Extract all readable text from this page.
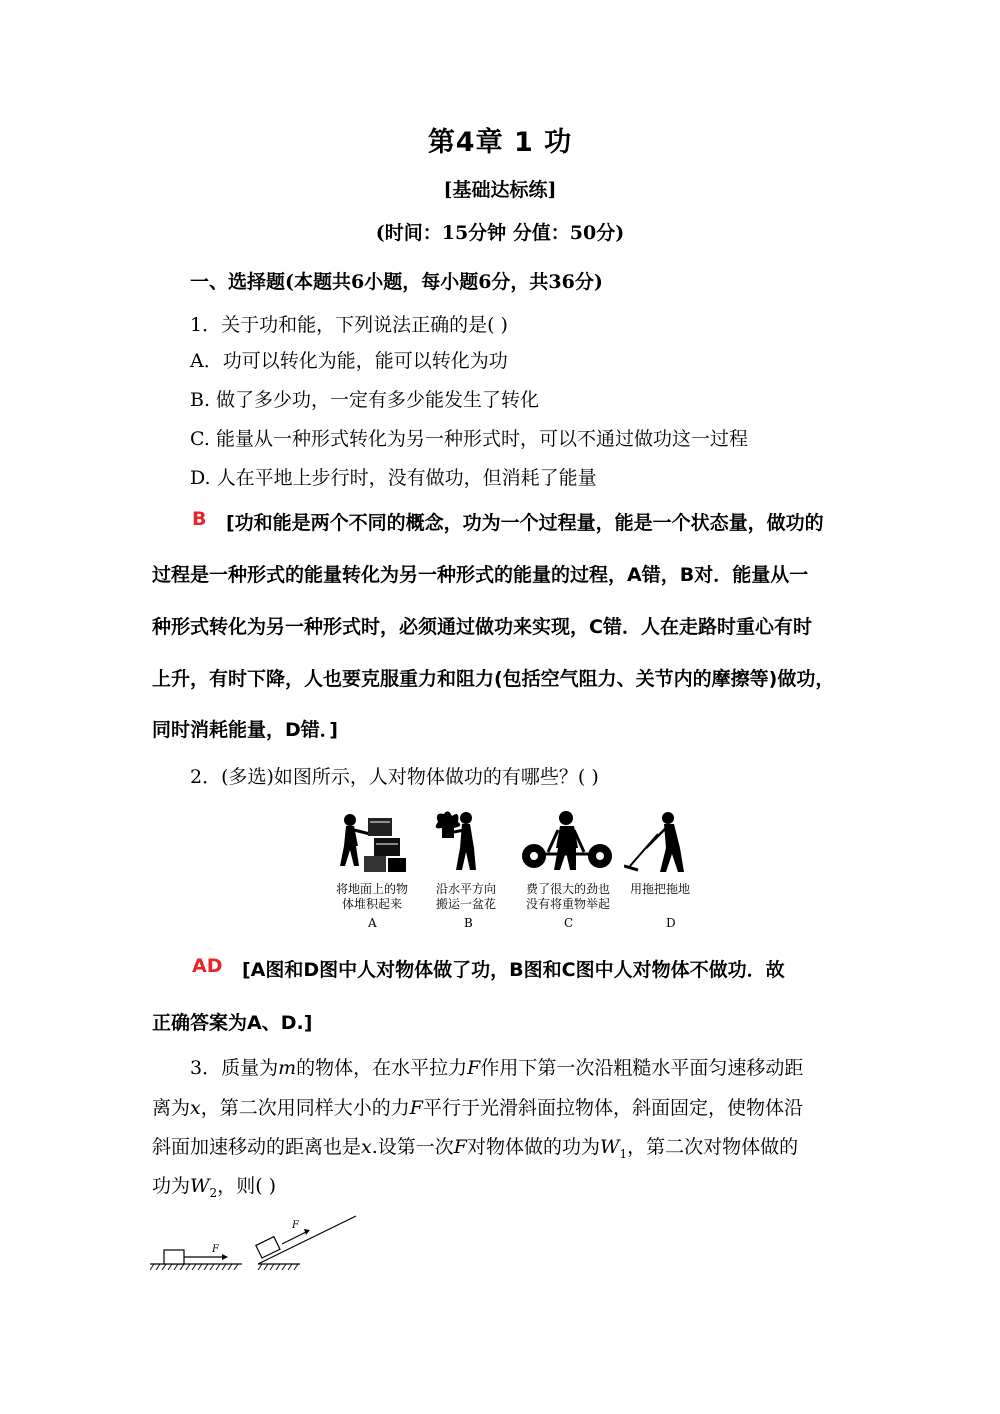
第4章 1 功
[基础达标练]
(时间：15分钟 分值：50分)
一、选择题(本题共6小题，每小题6分，共36分)
1．关于功和能，下列说法正确的是( )
A．功可以转化为能，能可以转化为功
B. 做了多少功，一定有多少能发生了转化
C. 能量从一种形式转化为另一种形式时，可以不通过做功这一过程
D. 人在平地上步行时，没有做功，但消耗了能量
B [功和能是两个不同的概念，功为一个过程量，能是一个状态量，做功的
过程是一种形式的能量转化为另一种形式的能量的过程，A错，B对．能量从一
种形式转化为另一种形式时，必须通过做功来实现，C错．人在走路时重心有时
上升，有时下降，人也要克服重力和阻力(包括空气阻力、关节内的摩擦等)做功，
同时消耗能量，D错．]
2．(多选)如图所示，人对物体做功的有哪些？( )
将地面上的物
体堆积起来
沿水平方向
搬运一盆花
费了很大的劲也
没有将重物举起
用拖把拖地
A	B	C	D
AD [A图和D图中人对物体做了功，B图和C图中人对物体不做功．故
正确答案为A、D.]
3．质量为m的物体，在水平拉力F作用下第一次沿粗糙水平面匀速移动距
离为x，第二次用同样大小的力F平行于光滑斜面拉物体，斜面固定，使物体沿
斜面加速移动的距离也是x.设第一次F对物体做的功为$W_1$，第二次对物体做的
功为$W_2$，则( )
F
F
